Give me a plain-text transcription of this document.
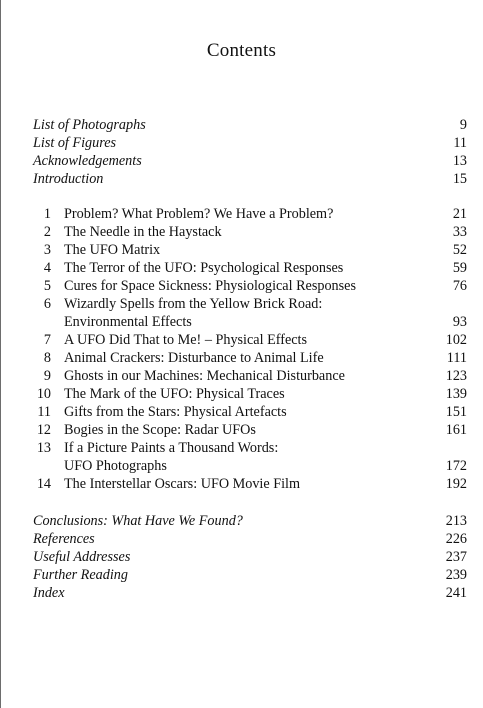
Contents
List of Photographs	9
List of Figures	11
Acknowledgements	13
Introduction	15
1 Problem? What Problem? We Have a Problem?	21
2 The Needle in the Haystack	33
3 The UFO Matrix	52
4 The Terror of the UFO: Psychological Responses	59
5 Cures for Space Sickness: Physiological Responses	76
6 Wizardly Spells from the Yellow Brick Road:
Environmental Effects	93
7 A UFO Did That to Me! – Physical Effects	102
8 Animal Crackers: Disturbance to Animal Life	111
9 Ghosts in our Machines: Mechanical Disturbance	123
10 The Mark of the UFO: Physical Traces	139
11 Gifts from the Stars: Physical Artefacts	151
12 Bogies in the Scope: Radar UFOs	161
13 If a Picture Paints a Thousand Words:
UFO Photographs	172
14 The Interstellar Oscars: UFO Movie Film	192
Conclusions: What Have We Found?	213
References	226
Useful Addresses	237
Further Reading	239
Index	241
